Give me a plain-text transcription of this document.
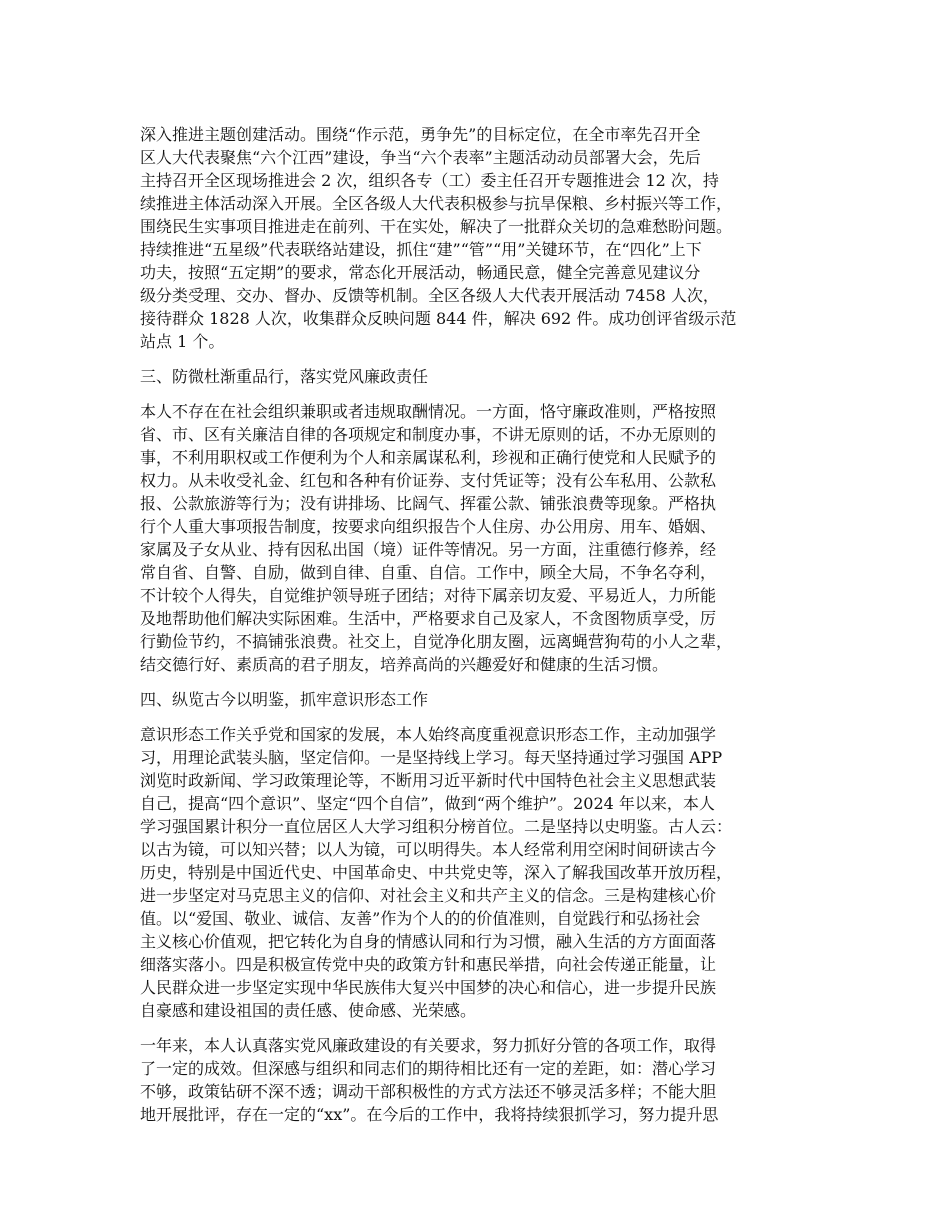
深入推进主题创建活动。围绕“作示范，勇争先”的目标定位，在全市率先召开全
区人大代表聚焦“六个江西”建设，争当“六个表率”主题活动动员部署大会，先后
主持召开全区现场推进会 2 次，组织各专（工）委主任召开专题推进会 12 次，持
续推进主体活动深入开展。全区各级人大代表积极参与抗旱保粮、乡村振兴等工作，
围绕民生实事项目推进走在前列、干在实处，解决了一批群众关切的急难愁盼问题。
持续推进“五星级”代表联络站建设，抓住“建”“管”“用”关键环节，在“四化”上下
功夫，按照“五定期”的要求，常态化开展活动，畅通民意，健全完善意见建议分
级分类受理、交办、督办、反馈等机制。全区各级人大代表开展活动 7458 人次，
接待群众 1828 人次，收集群众反映问题 844 件，解决 692 件。成功创评省级示范
站点 1 个。
三、防微杜渐重品行，落实党风廉政责任
本人不存在在社会组织兼职或者违规取酬情况。一方面，恪守廉政准则，严格按照
省、市、区有关廉洁自律的各项规定和制度办事，不讲无原则的话，不办无原则的
事，不利用职权或工作便利为个人和亲属谋私利，珍视和正确行使党和人民赋予的
权力。从未收受礼金、红包和各种有价证券、支付凭证等；没有公车私用、公款私
报、公款旅游等行为；没有讲排场、比阔气、挥霍公款、铺张浪费等现象。严格执
行个人重大事项报告制度，按要求向组织报告个人住房、办公用房、用车、婚姻、
家属及子女从业、持有因私出国（境）证件等情况。另一方面，注重德行修养，经
常自省、自警、自励，做到自律、自重、自信。工作中，顾全大局，不争名夺利，
不计较个人得失，自觉维护领导班子团结；对待下属亲切友爱、平易近人，力所能
及地帮助他们解决实际困难。生活中，严格要求自己及家人，不贪图物质享受，厉
行勤俭节约，不搞铺张浪费。社交上，自觉净化朋友圈，远离蝇营狗苟的小人之辈，
结交德行好、素质高的君子朋友，培养高尚的兴趣爱好和健康的生活习惯。
四、纵览古今以明鉴，抓牢意识形态工作
意识形态工作关乎党和国家的发展，本人始终高度重视意识形态工作，主动加强学
习，用理论武装头脑，坚定信仰。一是坚持线上学习。每天坚持通过学习强国 APP
浏览时政新闻、学习政策理论等，不断用习近平新时代中国特色社会主义思想武装
自己，提高“四个意识”、坚定“四个自信”，做到“两个维护”。2024 年以来，本人
学习强国累计积分一直位居区人大学习组积分榜首位。二是坚持以史明鉴。古人云：
以古为镜，可以知兴替；以人为镜，可以明得失。本人经常利用空闲时间研读古今
历史，特别是中国近代史、中国革命史、中共党史等，深入了解我国改革开放历程，
进一步坚定对马克思主义的信仰、对社会主义和共产主义的信念。三是构建核心价
值。以“爱国、敬业、诚信、友善”作为个人的的价值准则，自觉践行和弘扬社会
主义核心价值观，把它转化为自身的情感认同和行为习惯，融入生活的方方面面落
细落实落小。四是积极宣传党中央的政策方针和惠民举措，向社会传递正能量，让
人民群众进一步坚定实现中华民族伟大复兴中国梦的决心和信心，进一步提升民族
自豪感和建设祖国的责任感、使命感、光荣感。
一年来，本人认真落实党风廉政建设的有关要求，努力抓好分管的各项工作，取得
了一定的成效。但深感与组织和同志们的期待相比还有一定的差距，如：潜心学习
不够，政策钻研不深不透；调动干部积极性的方式方法还不够灵活多样；不能大胆
地开展批评，存在一定的“xx”。在今后的工作中，我将持续狠抓学习，努力提升思
